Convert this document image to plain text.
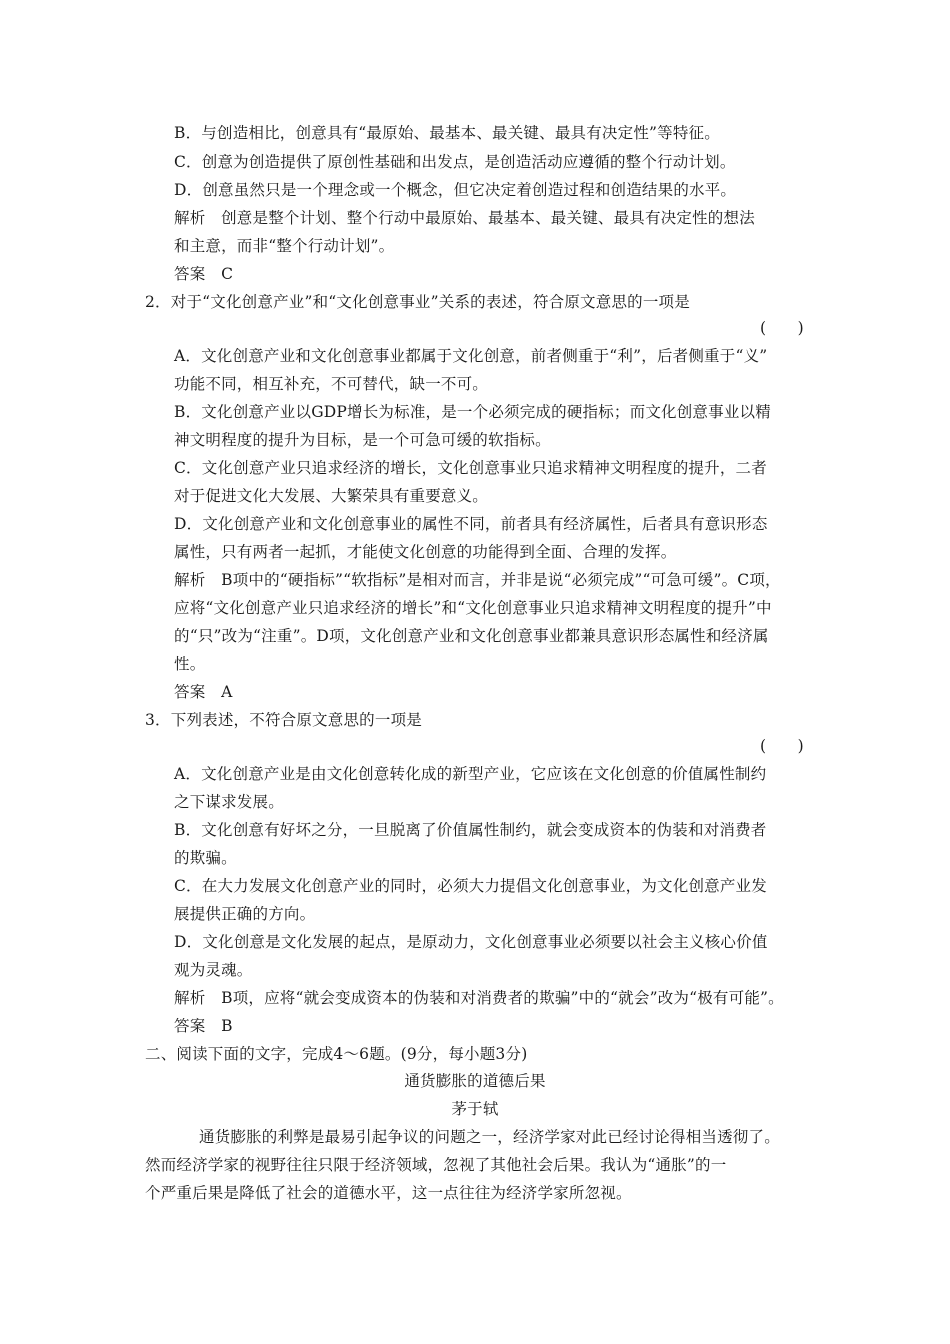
B．与创造相比，创意具有“最原始、最基本、最关键、最具有决定性”等特征。
C．创意为创造提供了原创性基础和出发点，是创造活动应遵循的整个行动计划。
D．创意虽然只是一个理念或一个概念，但它决定着创造过程和创造结果的水平。
解析　创意是整个计划、整个行动中最原始、最基本、最关键、最具有决定性的想法
和主意，而非“整个行动计划”。
答案　C
2．对于“文化创意产业”和“文化创意事业”关系的表述，符合原文意思的一项是
(　　)
A．文化创意产业和文化创意事业都属于文化创意，前者侧重于“利”，后者侧重于“义”
功能不同，相互补充，不可替代，缺一不可。
B．文化创意产业以GDP增长为标准，是一个必须完成的硬指标；而文化创意事业以精
神文明程度的提升为目标，是一个可急可缓的软指标。
C．文化创意产业只追求经济的增长，文化创意事业只追求精神文明程度的提升，二者
对于促进文化大发展、大繁荣具有重要意义。
D．文化创意产业和文化创意事业的属性不同，前者具有经济属性，后者具有意识形态
属性，只有两者一起抓，才能使文化创意的功能得到全面、合理的发挥。
解析　B项中的“硬指标”“软指标”是相对而言，并非是说“必须完成”“可急可缓”。C项，
应将“文化创意产业只追求经济的增长”和“文化创意事业只追求精神文明程度的提升”中
的“只”改为“注重”。D项，文化创意产业和文化创意事业都兼具意识形态属性和经济属
性。
答案　A
3．下列表述，不符合原文意思的一项是
(　　)
A．文化创意产业是由文化创意转化成的新型产业，它应该在文化创意的价值属性制约
之下谋求发展。
B．文化创意有好坏之分，一旦脱离了价值属性制约，就会变成资本的伪装和对消费者
的欺骗。
C．在大力发展文化创意产业的同时，必须大力提倡文化创意事业，为文化创意产业发
展提供正确的方向。
D．文化创意是文化发展的起点，是原动力，文化创意事业必须要以社会主义核心价值
观为灵魂。
解析　B项，应将“就会变成资本的伪装和对消费者的欺骗”中的“就会”改为“极有可能”。
答案　B
二、阅读下面的文字，完成4～6题。(9分，每小题3分)
通货膨胀的道德后果
茅于轼
通货膨胀的利弊是最易引起争议的问题之一，经济学家对此已经讨论得相当透彻了。
然而经济学家的视野往往只限于经济领域，忽视了其他社会后果。我认为“通胀”的一
个严重后果是降低了社会的道德水平，这一点往往为经济学家所忽视。
